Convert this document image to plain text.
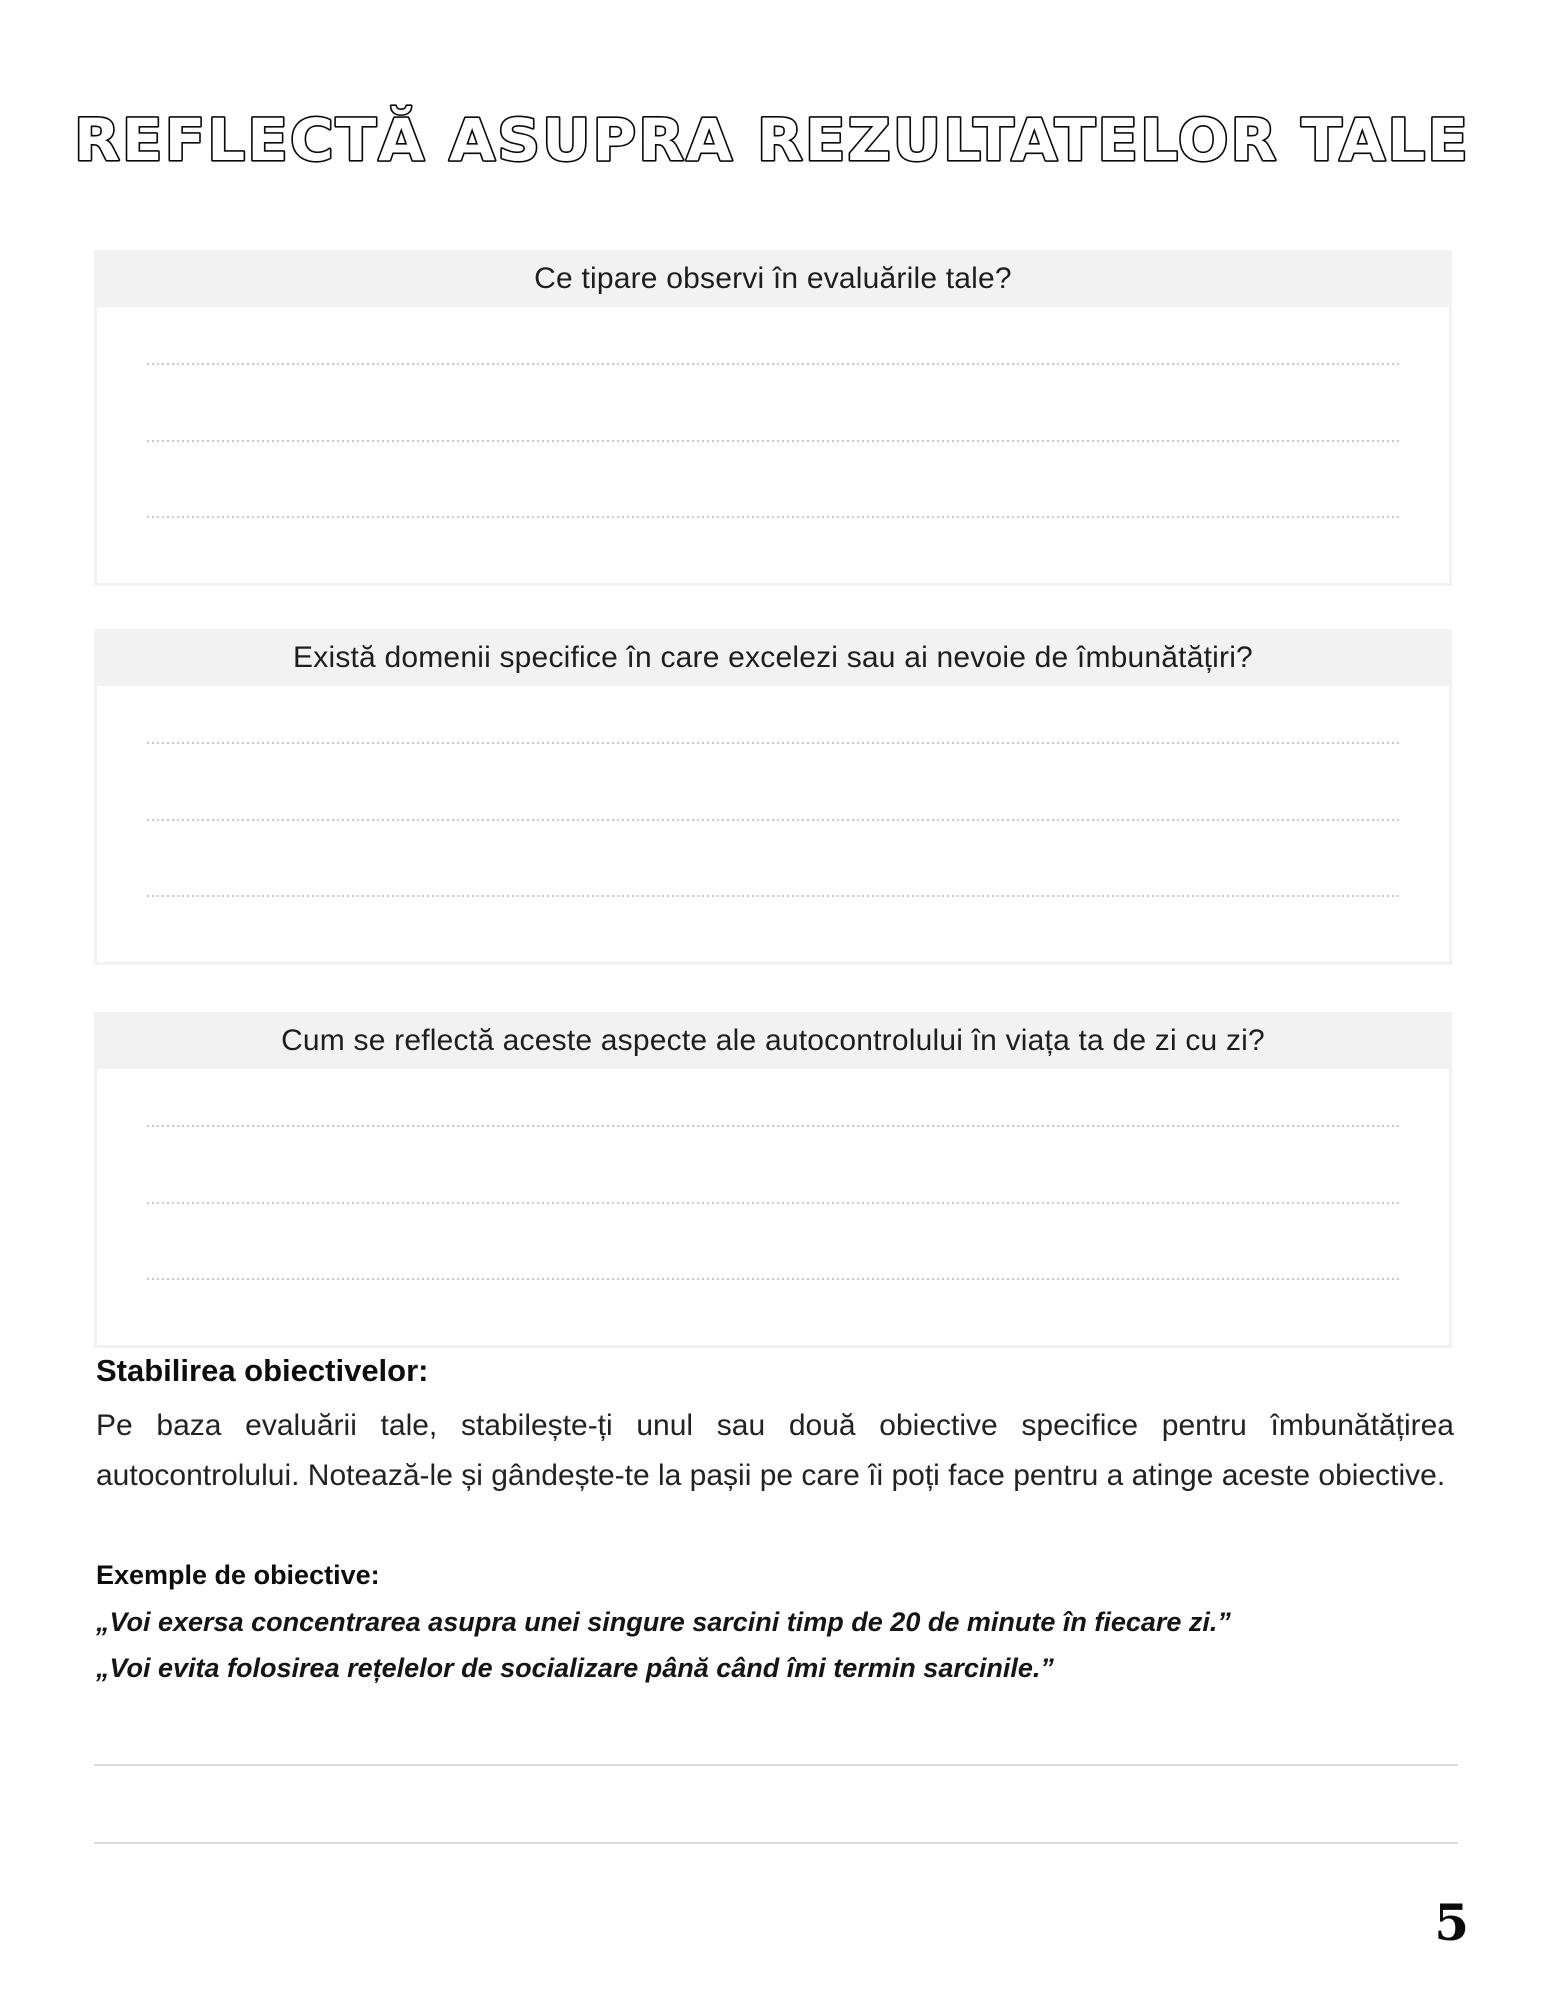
REFLECTĂ ASUPRA REZULTATELOR TALE
Ce tipare observi în evaluările tale?
Există domenii specifice în care excelezi sau ai nevoie de îmbunătățiri?
Cum se reflectă aceste aspecte ale autocontrolului în viața ta de zi cu zi?
Stabilirea obiectivelor:

Pe baza evaluării tale, stabilește-ți unul sau două obiective specifice pentru îmbunătățirea autocontrolului. Notează-le și gândește-te la pașii pe care îi poți face pentru a atinge aceste obiective.

Exemple de obiective:

„Voi exersa concentrarea asupra unei singure sarcini timp de 20 de minute în fiecare zi.”

„Voi evita folosirea rețelelor de socializare până când îmi termin sarcinile.”

5
